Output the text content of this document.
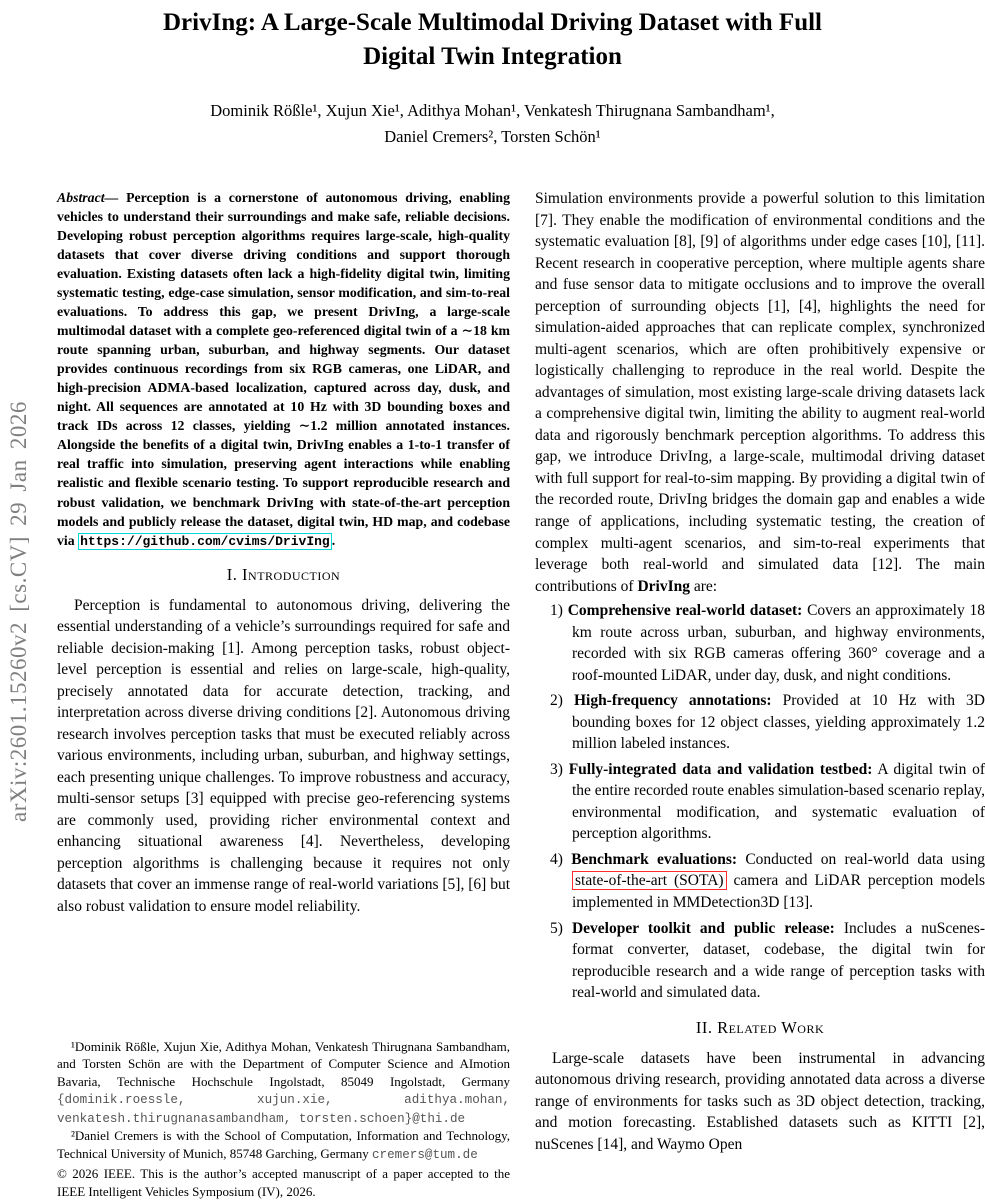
arXiv:2601.15260v2 [cs.CV] 29 Jan 2026
DrivIng: A Large-Scale Multimodal Driving Dataset with Full
Digital Twin Integration
Dominik Rößle¹, Xujun Xie¹, Adithya Mohan¹, Venkatesh Thirugnana Sambandham¹,
Daniel Cremers², Torsten Schön¹

Abstract— Perception is a cornerstone of autonomous driving, enabling vehicles to understand their surroundings and make safe, reliable decisions. Developing robust perception algorithms requires large-scale, high-quality datasets that cover diverse driving conditions and support thorough evaluation. Existing datasets often lack a high-fidelity digital twin, limiting systematic testing, edge-case simulation, sensor modification, and sim-to-real evaluations. To address this gap, we present DrivIng, a large-scale multimodal dataset with a complete geo-referenced digital twin of a ∼18 km route spanning urban, suburban, and highway segments. Our dataset provides continuous recordings from six RGB cameras, one LiDAR, and high-precision ADMA-based localization, captured across day, dusk, and night. All sequences are annotated at 10 Hz with 3D bounding boxes and track IDs across 12 classes, yielding ∼1.2 million annotated instances. Alongside the benefits of a digital twin, DrivIng enables a 1-to-1 transfer of real traffic into simulation, preserving agent interactions while enabling realistic and flexible scenario testing. To support reproducible research and robust validation, we benchmark DrivIng with state-of-the-art perception models and publicly release the dataset, digital twin, HD map, and codebase via https://github.com/cvims/DrivIng .

I. Introduction

Perception is fundamental to autonomous driving, delivering the essential understanding of a vehicle’s surroundings required for safe and reliable decision-making [1]. Among perception tasks, robust object-level perception is essential and relies on large-scale, high-quality, precisely annotated data for accurate detection, tracking, and interpretation across diverse driving conditions [2]. Autonomous driving research involves perception tasks that must be executed reliably across various environments, including urban, suburban, and highway settings, each presenting unique challenges. To improve robustness and accuracy, multi-sensor setups [3] equipped with precise geo-referencing systems are commonly used, providing richer environmental context and enhancing situational awareness [4]. Nevertheless, developing perception algorithms is challenging because it requires not only datasets that cover an immense range of real-world variations [5], [6] but also robust validation to ensure model reliability.

¹Dominik Rößle, Xujun Xie, Adithya Mohan, Venkatesh Thirugnana Sambandham, and Torsten Schön are with the Department of Computer Science and AImotion Bavaria, Technische Hochschule Ingolstadt, 85049 Ingolstadt, Germany {dominik.roessle, xujun.xie, adithya.mohan, venkatesh.thirugnanasambandham, torsten.schoen}@thi.de

²Daniel Cremers is with the School of Computation, Information and Technology, Technical University of Munich, 85748 Garching, Germany cremers@tum.de

© 2026 IEEE. This is the author’s accepted manuscript of a paper accepted to the IEEE Intelligent Vehicles Symposium (IV), 2026.

Simulation environments provide a powerful solution to this limitation [7]. They enable the modification of environmental conditions and the systematic evaluation [8], [9] of algorithms under edge cases [10], [11]. Recent research in cooperative perception, where multiple agents share and fuse sensor data to mitigate occlusions and to improve the overall perception of surrounding objects [1], [4], highlights the need for simulation-aided approaches that can replicate complex, synchronized multi-agent scenarios, which are often prohibitively expensive or logistically challenging to reproduce in the real world. Despite the advantages of simulation, most existing large-scale driving datasets lack a comprehensive digital twin, limiting the ability to augment real-world data and rigorously benchmark perception algorithms. To address this gap, we introduce DrivIng, a large-scale, multimodal driving dataset with full support for real-to-sim mapping. By providing a digital twin of the recorded route, DrivIng bridges the domain gap and enables a wide range of applications, including systematic testing, the creation of complex multi-agent scenarios, and sim-to-real experiments that leverage both real-world and simulated data [12]. The main contributions of DrivIng are:

1) Comprehensive real-world dataset: Covers an approximately 18 km route across urban, suburban, and highway environments, recorded with six RGB cameras offering 360° coverage and a roof-mounted LiDAR, under day, dusk, and night conditions.
2) High-frequency annotations: Provided at 10 Hz with 3D bounding boxes for 12 object classes, yielding approximately 1.2 million labeled instances.
3) Fully-integrated data and validation testbed: A digital twin of the entire recorded route enables simulation-based scenario replay, environmental modification, and systematic evaluation of perception algorithms.
4) Benchmark evaluations: Conducted on real-world data using state-of-the-art (SOTA) camera and LiDAR perception models implemented in MMDetection3D [13].
5) Developer toolkit and public release: Includes a nuScenes-format converter, dataset, codebase, the digital twin for reproducible research and a wide range of perception tasks with real-world and simulated data.
II. Related Work

Large-scale datasets have been instrumental in advancing autonomous driving research, providing annotated data across a diverse range of environments for tasks such as 3D object detection, tracking, and motion forecasting. Established datasets such as KITTI [2], nuScenes [14], and Waymo Open
